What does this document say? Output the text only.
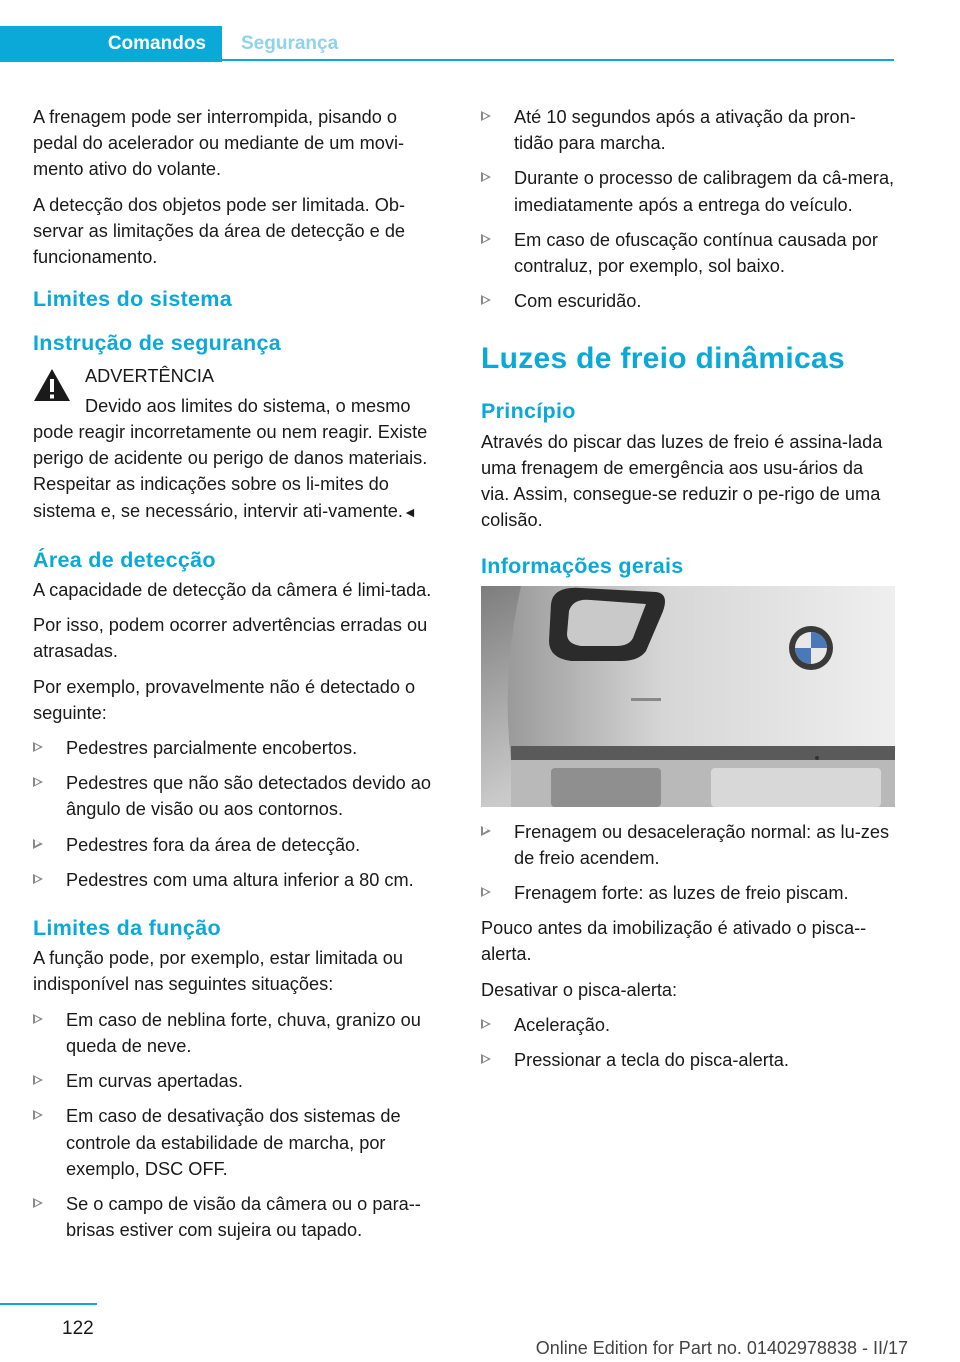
Comandos	Segurança

A frenagem pode ser interrompida, pisando o pedal do acelerador ou mediante de um movi-mento ativo do volante.

A detecção dos objetos pode ser limitada. Ob-servar as limitações da área de detecção e de funcionamento.

Limites do sistema
Instrução de segurança
ADVERTÊNCIA
Devido aos limites do sistema, o mesmo
pode reagir incorretamente ou nem reagir. Existe perigo de acidente ou perigo de danos materiais. Respeitar as indicações sobre os li-mites do sistema e, se necessário, intervir ati-vamente.◄
Área de detecção

A capacidade de detecção da câmera é limi-tada.

Por isso, podem ocorrer advertências erradas ou atrasadas.

Por exemplo, provavelmente não é detectado o seguinte:

Pedestres parcialmente encobertos.
Pedestres que não são detectados devido ao ângulo de visão ou aos contornos.
Pedestres fora da área de detecção.
Pedestres com uma altura inferior a 80 cm.
Limites da função

A função pode, por exemplo, estar limitada ou indisponível nas seguintes situações:

Em caso de neblina forte, chuva, granizo ou queda de neve.
Em curvas apertadas.
Em caso de desativação dos sistemas de controle da estabilidade de marcha, por exemplo, DSC OFF.
Se o campo de visão da câmera ou o para--brisas estiver com sujeira ou tapado.
Até 10 segundos após a ativação da pron-tidão para marcha.
Durante o processo de calibragem da câ-mera, imediatamente após a entrega do veículo.
Em caso de ofuscação contínua causada por contraluz, por exemplo, sol baixo.
Com escuridão.
Luzes de freio dinâmicas
Princípio

Através do piscar das luzes de freio é assina-lada uma frenagem de emergência aos usu-ários da via. Assim, consegue-se reduzir o pe-rigo de uma colisão.

Informações gerais
Frenagem ou desaceleração normal: as lu-zes de freio acendem.
Frenagem forte: as luzes de freio piscam.

Pouco antes da imobilização é ativado o pisca--alerta.

Desativar o pisca-alerta:

Aceleração.
Pressionar a tecla do pisca-alerta.
122
Online Edition for Part no. 01402978838 - II/17
